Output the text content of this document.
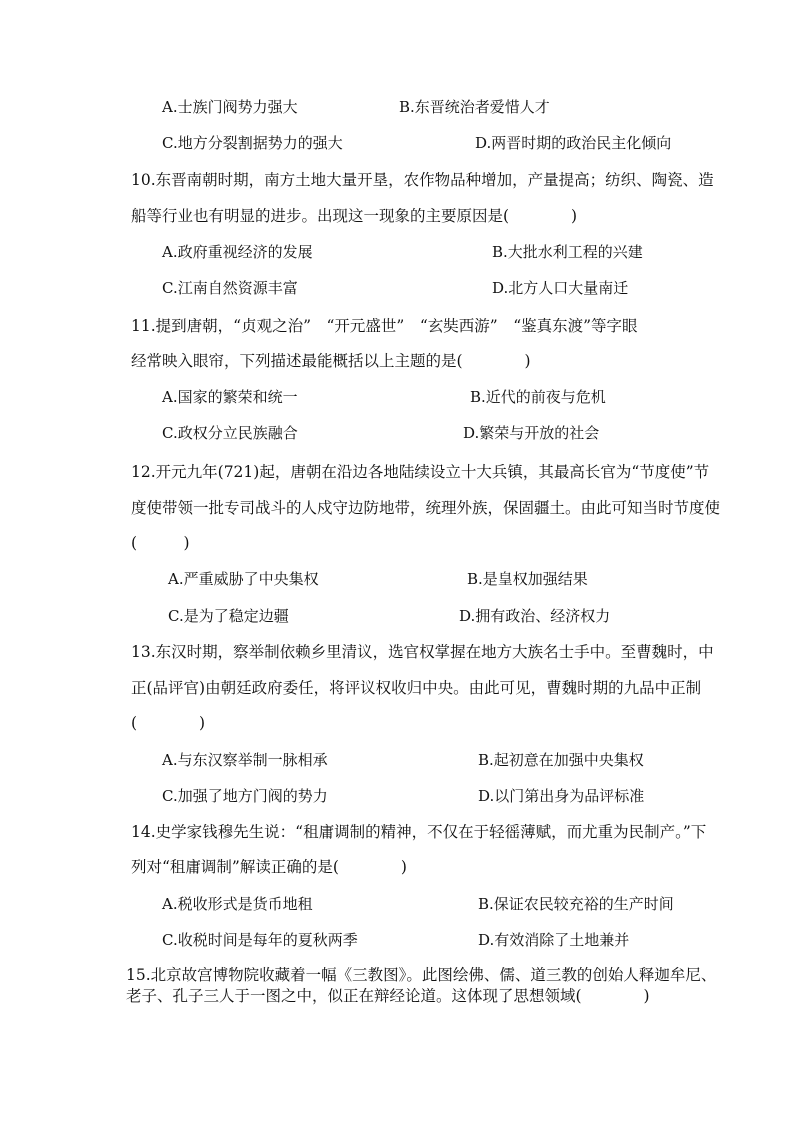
A.士族门阀势力强大	B.东晋统治者爱惜人才
C.地方分裂割据势力的强大	D.两晋时期的政治民主化倾向
10.东晋南朝时期，南方土地大量开垦，农作物品种增加，产量提高；纺织、陶瓷、造
船等行业也有明显的进步。出现这一现象的主要原因是(　　　　)
A.政府重视经济的发展	B.大批水利工程的兴建
C.江南自然资源丰富	D.北方人口大量南迁
11.提到唐朝，“贞观之治”　“开元盛世”　“玄奘西游”　“鉴真东渡”等字眼
经常映入眼帘，下列描述最能概括以上主题的是(　　　　)
A.国家的繁荣和统一	B.近代的前夜与危机
C.政权分立民族融合	D.繁荣与开放的社会
12.开元九年(721)起，唐朝在沿边各地陆续设立十大兵镇，其最高长官为“节度使”节
度使带领一批专司战斗的人戍守边防地带，统理外族，保固疆土。由此可知当时节度使
(　　　)
A.严重威胁了中央集权	B.是皇权加强结果
C.是为了稳定边疆	D.拥有政治、经济权力
13.东汉时期，察举制依赖乡里清议，选官权掌握在地方大族名士手中。至曹魏时，中
正(品评官)由朝廷政府委任，将评议权收归中央。由此可见，曹魏时期的九品中正制
(　　　　)
A.与东汉察举制一脉相承	B.起初意在加强中央集权
C.加强了地方门阀的势力	D.以门第出身为品评标准
14.史学家钱穆先生说：“租庸调制的精神，不仅在于轻徭薄赋，而尤重为民制产。”下
列对“租庸调制”解读正确的是(　　　　)
A.税收形式是货币地租	B.保证农民较充裕的生产时间
C.收税时间是每年的夏秋两季	D.有效消除了土地兼并
15.北京故宫博物院收藏着一幅《三教图》。此图绘佛、儒、道三教的创始人释迦牟尼、
老子、孔子三人于一图之中，似正在辩经论道。这体现了思想领域(　　　　)
